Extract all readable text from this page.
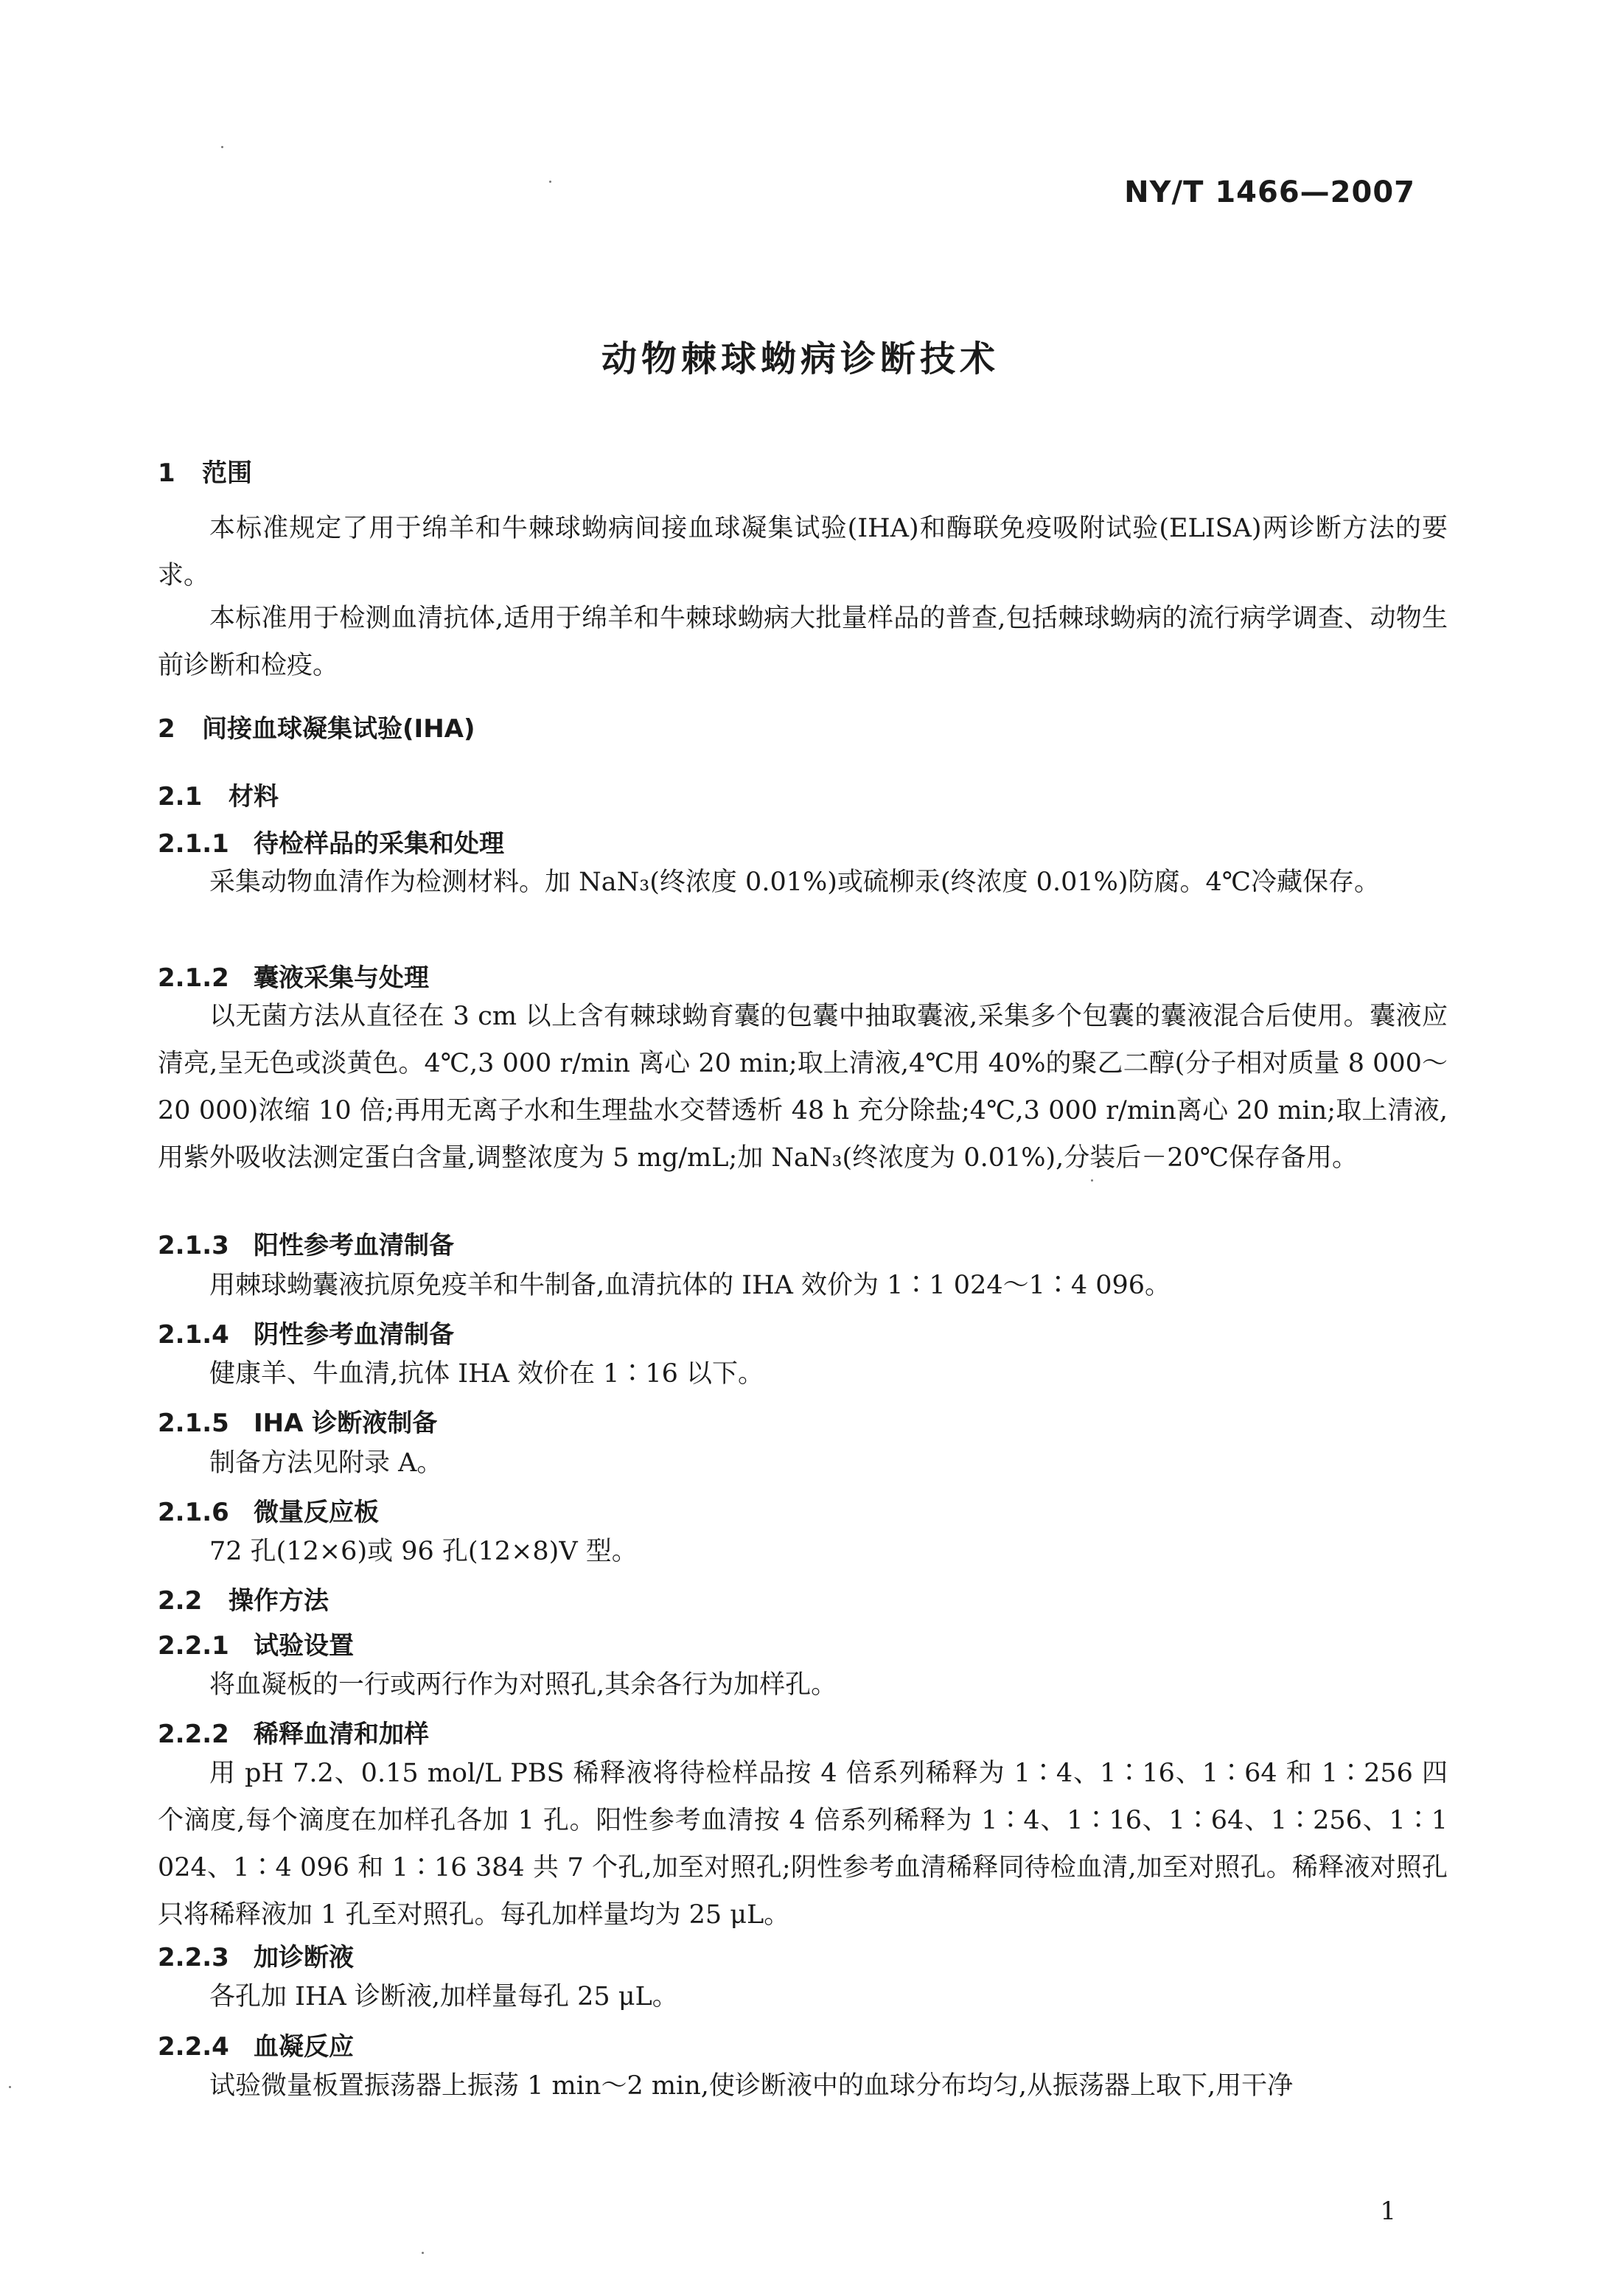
NY/T 1466—2007
动物棘球蚴病诊断技术
1 范围
本标准规定了用于绵羊和牛棘球蚴病间接血球凝集试验(IHA)和酶联免疫吸附试验(ELISA)两诊断方法的要求。
本标准用于检测血清抗体,适用于绵羊和牛棘球蚴病大批量样品的普查,包括棘球蚴病的流行病学调查、动物生前诊断和检疫。
2 间接血球凝集试验(IHA)
2.1 材料
2.1.1 待检样品的采集和处理
采集动物血清作为检测材料。加 NaN₃(终浓度 0.01%)或硫柳汞(终浓度 0.01%)防腐。4℃冷藏保存。
2.1.2 囊液采集与处理
以无菌方法从直径在 3 cm 以上含有棘球蚴育囊的包囊中抽取囊液,采集多个包囊的囊液混合后使用。囊液应清亮,呈无色或淡黄色。4℃,3 000 r/min 离心 20 min;取上清液,4℃用 40%的聚乙二醇(分子相对质量 8 000～20 000)浓缩 10 倍;再用无离子水和生理盐水交替透析 48 h 充分除盐;4℃,3 000 r/min离心 20 min;取上清液,用紫外吸收法测定蛋白含量,调整浓度为 5 mg/mL;加 NaN₃(终浓度为 0.01%),分装后－20℃保存备用。
2.1.3 阳性参考血清制备
用棘球蚴囊液抗原免疫羊和牛制备,血清抗体的 IHA 效价为 1∶1 024～1∶4 096。
2.1.4 阴性参考血清制备
健康羊、牛血清,抗体 IHA 效价在 1∶16 以下。
2.1.5 IHA 诊断液制备
制备方法见附录 A。
2.1.6 微量反应板
72 孔(12×6)或 96 孔(12×8)V 型。
2.2 操作方法
2.2.1 试验设置
将血凝板的一行或两行作为对照孔,其余各行为加样孔。
2.2.2 稀释血清和加样
用 pH 7.2、0.15 mol/L PBS 稀释液将待检样品按 4 倍系列稀释为 1∶4、1∶16、1∶64 和 1∶256 四个滴度,每个滴度在加样孔各加 1 孔。阳性参考血清按 4 倍系列稀释为 1∶4、1∶16、1∶64、1∶256、1∶1 024、1∶4 096 和 1∶16 384 共 7 个孔,加至对照孔;阴性参考血清稀释同待检血清,加至对照孔。稀释液对照孔只将稀释液加 1 孔至对照孔。每孔加样量均为 25 μL。
2.2.3 加诊断液
各孔加 IHA 诊断液,加样量每孔 25 μL。
2.2.4 血凝反应
试验微量板置振荡器上振荡 1 min～2 min,使诊断液中的血球分布均匀,从振荡器上取下,用干净
1
